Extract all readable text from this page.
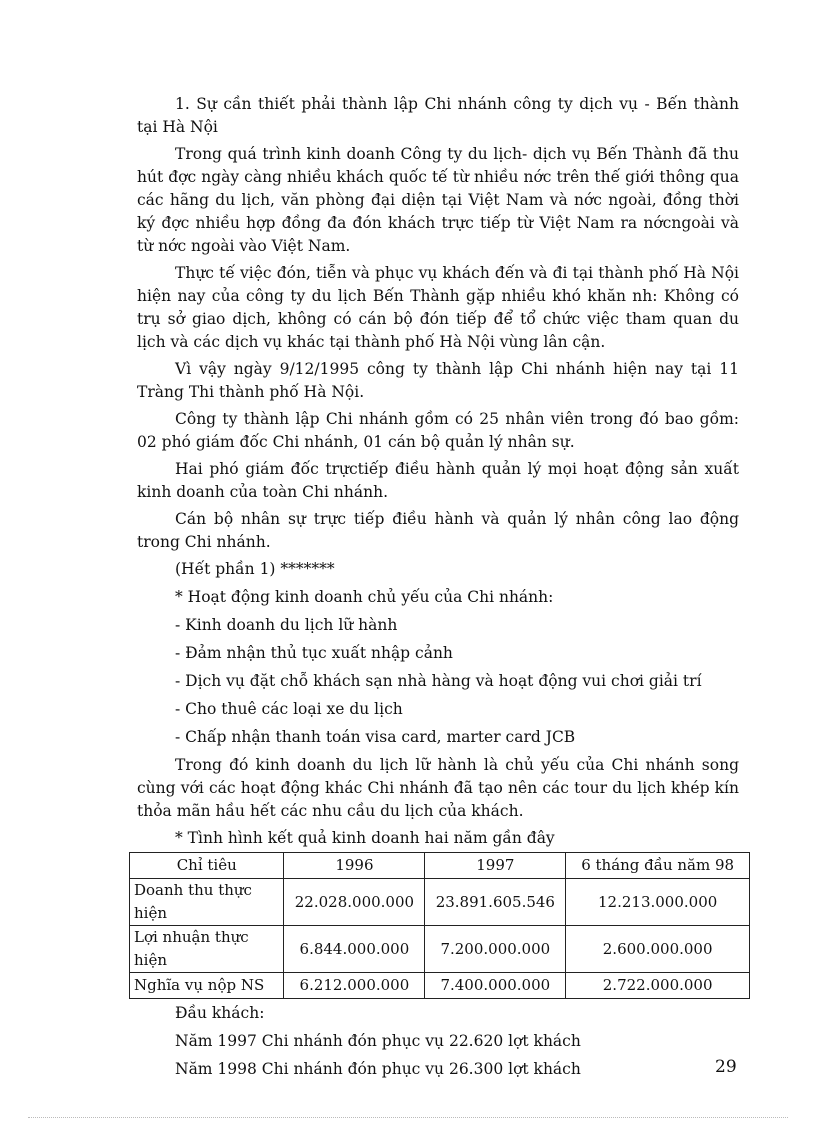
1. Sự cần thiết phải thành lập Chi nhánh công ty dịch vụ - Bến thành tại Hà Nội

Trong quá trình kinh doanh Công ty du lịch- dịch vụ Bến Thành đã thu hút đợc ngày càng nhiều khách quốc tế từ nhiều nớc trên thế giới thông qua các hãng du lịch, văn phòng đại diện tại Việt Nam và nớc ngoài, đồng thời ký đợc nhiều hợp đồng đa đón khách trực tiếp từ Việt Nam ra nớcngoài và từ nớc ngoài vào Việt Nam.

Thực tế việc đón, tiễn và phục vụ khách đến và đi tại thành phố Hà Nội hiện nay của công ty du lịch Bến Thành gặp nhiều khó khăn nh: Không có trụ sở giao dịch, không có cán bộ đón tiếp để tổ chức việc tham quan du lịch và các dịch vụ khác tại thành phố Hà Nội vùng lân cận.

Vì vậy ngày 9/12/1995 công ty thành lập Chi nhánh hiện nay tại 11 Tràng Thi thành phố Hà Nội.

Công ty thành lập Chi nhánh gồm có 25 nhân viên trong đó bao gồm: 02 phó giám đốc Chi nhánh, 01 cán bộ quản lý nhân sự.

Hai phó giám đốc trựctiếp điều hành quản lý mọi hoạt động sản xuất kinh doanh của toàn Chi nhánh.

Cán bộ nhân sự trực tiếp điều hành và quản lý nhân công lao động trong Chi nhánh.

(Hết phần 1) *******

* Hoạt động kinh doanh chủ yếu của Chi nhánh:

- Kinh doanh du lịch lữ hành

- Đảm nhận thủ tục xuất nhập cảnh

- Dịch vụ đặt chỗ khách sạn nhà hàng và hoạt động vui chơi giải trí

- Cho thuê các loại xe du lịch

- Chấp nhận thanh toán visa card, marter card JCB

Trong đó kinh doanh du lịch lữ hành là chủ yếu của Chi nhánh song cùng với các hoạt động khác Chi nhánh đã tạo nên các tour du lịch khép kín thỏa mãn hầu hết các nhu cầu du lịch của khách.

* Tình hình kết quả kinh doanh hai năm gần đây

Chỉ tiêu	1996	1997	6 tháng đầu năm 98
Doanh thu thực hiện	22.028.000.000	23.891.605.546	12.213.000.000
Lợi nhuận thực hiện	6.844.000.000	7.200.000.000	2.600.000.000
Nghĩa vụ nộp NS	6.212.000.000	7.400.000.000	2.722.000.000

Đầu khách:

Năm 1997 Chi nhánh đón phục vụ 22.620 lợt khách

Năm 1998 Chi nhánh đón phục vụ 26.300 lợt khách	29
